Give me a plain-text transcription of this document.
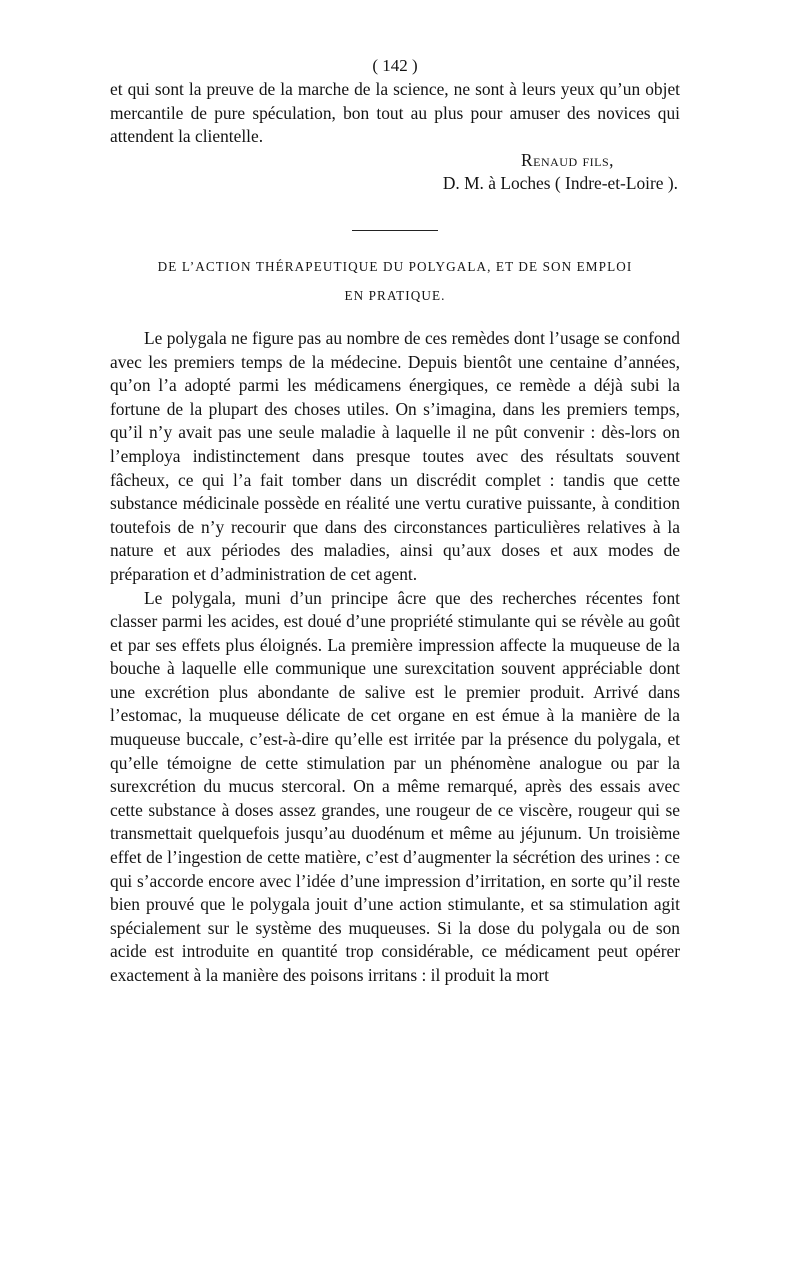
( 142 )

et qui sont la preuve de la marche de la science, ne sont à leurs yeux qu’un objet mercantile de pure spéculation, bon tout au plus pour amuser des novices qui attendent la clientelle.

Renaud fils,
D. M. à Loches ( Indre-et-Loire ).

DE L’ACTION THÉRAPEUTIQUE DU POLYGALA, ET DE SON EMPLOI

EN PRATIQUE.

Le polygala ne figure pas au nombre de ces remèdes dont l’usage se confond avec les premiers temps de la médecine. Depuis bientôt une centaine d’années, qu’on l’a adopté parmi les médicamens énergiques, ce remède a déjà subi la fortune de la plupart des choses utiles. On s’imagina, dans les premiers temps, qu’il n’y avait pas une seule maladie à laquelle il ne pût convenir : dès-lors on l’employa indistinctement dans presque toutes avec des résultats souvent fâcheux, ce qui l’a fait tomber dans un discrédit complet : tandis que cette substance médicinale possède en réalité une vertu curative puissante, à condition toutefois de n’y recourir que dans des circonstances particulières relatives à la nature et aux périodes des maladies, ainsi qu’aux doses et aux modes de préparation et d’administration de cet agent.

Le polygala, muni d’un principe âcre que des recherches récentes font classer parmi les acides, est doué d’une propriété stimulante qui se révèle au goût et par ses effets plus éloignés. La première impression affecte la muqueuse de la bouche à laquelle elle communique une surexcitation souvent appréciable dont une excrétion plus abondante de salive est le premier produit. Arrivé dans l’estomac, la muqueuse délicate de cet organe en est émue à la manière de la muqueuse buccale, c’est-à-dire qu’elle est irritée par la présence du polygala, et qu’elle témoigne de cette stimulation par un phénomène analogue ou par la surexcrétion du mucus stercoral. On a même remarqué, après des essais avec cette substance à doses assez grandes, une rougeur de ce viscère, rougeur qui se transmettait quelquefois jusqu’au duodénum et même au jéjunum. Un troisième effet de l’ingestion de cette matière, c’est d’augmenter la sécrétion des urines : ce qui s’accorde encore avec l’idée d’une impression d’irritation, en sorte qu’il reste bien prouvé que le polygala jouit d’une action stimulante, et sa stimulation agit spécialement sur le système des muqueuses. Si la dose du polygala ou de son acide est introduite en quantité trop considérable, ce médicament peut opérer exactement à la manière des poisons irritans : il produit la mort
